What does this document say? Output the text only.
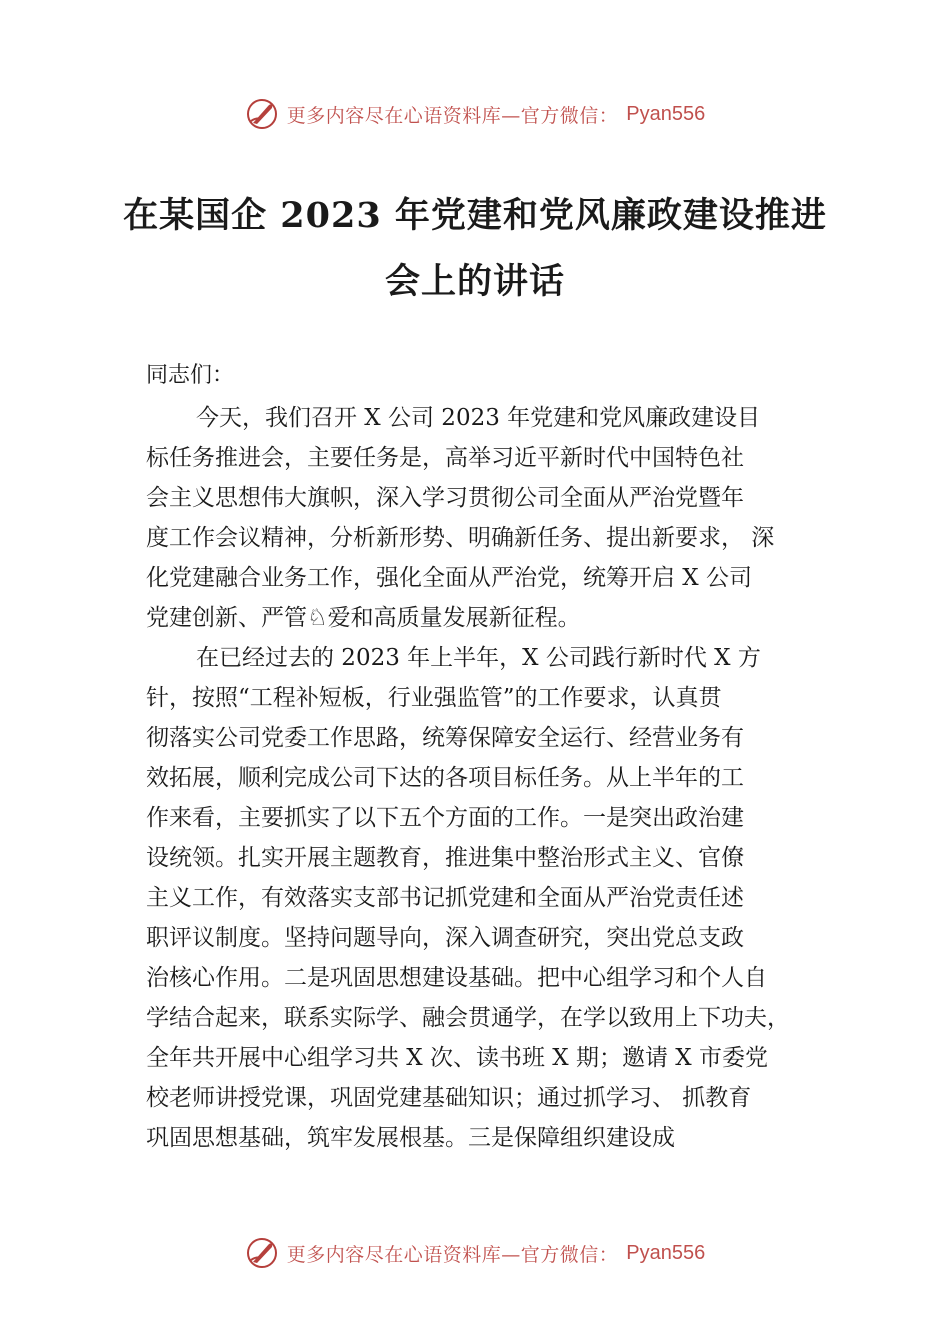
更多内容尽在心语资料库—官方微信： Pyan556
在某国企 2023 年党建和党风廉政建设推进
会上的讲话
同志们：
今天，我们召开 X 公司 2023 年党建和党风廉政建设目
标任务推进会，主要任务是，高举习近平新时代中国特色社
会主义思想伟大旗帜，深入学习贯彻公司全面从严治党暨年
度工作会议精神，分析新形势、明确新任务、提出新要求， 深
化党建融合业务工作，强化全面从严治党，统筹开启 X 公司
党建创新、严管♘爱和高质量发展新征程。
在已经过去的 2023 年上半年，X 公司践行新时代 X 方
针，按照“工程补短板，行业强监管”的工作要求，认真贯
彻落实公司党委工作思路，统筹保障安全运行、经营业务有
效拓展，顺利完成公司下达的各项目标任务。从上半年的工
作来看，主要抓实了以下五个方面的工作。一是突出政治建
设统领。扎实开展主题教育，推进集中整治形式主义、官僚
主义工作，有效落实支部书记抓党建和全面从严治党责任述
职评议制度。坚持问题导向，深入调查研究，突出党总支政
治核心作用。二是巩固思想建设基础。把中心组学习和个人自
学结合起来，联系实际学、融会贯通学，在学以致用上下功夫，
全年共开展中心组学习共 X 次、读书班 X 期；邀请 X 市委党
校老师讲授党课，巩固党建基础知识；通过抓学习、 抓教育
巩固思想基础，筑牢发展根基。三是保障组织建设成
更多内容尽在心语资料库—官方微信： Pyan556
